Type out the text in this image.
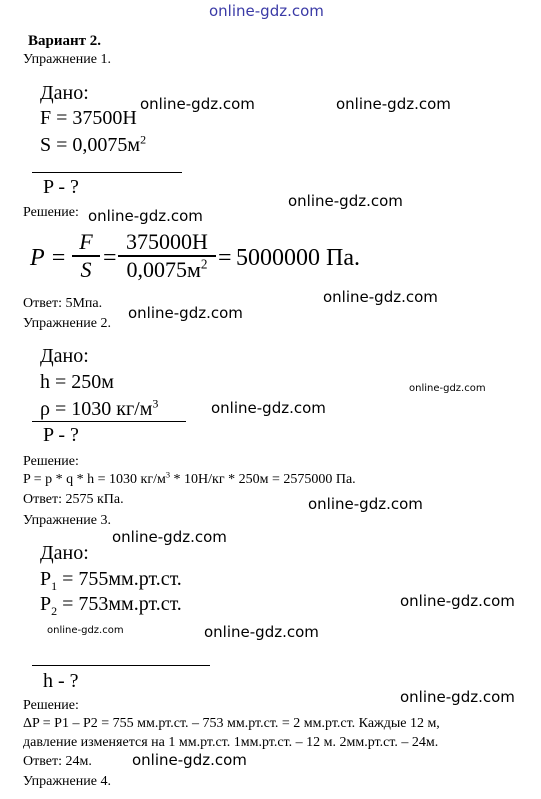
online-gdz.com
Вариант 2.
Упражнение 1.
Дано:
F = 37500H
$S = 0,0075м^2$
P - ?
Решение:
P =
F
S =
375000H
$0,0075м^2 = 5000000$ Па.
Ответ: 5Мпа.
Упражнение 2.
Дано:
h = 250м
ρ = 1030 $кг/м^3$
P - ?
Решение:
P = p * q * h = 1030 $кг/м^3 * 10Н/кг * 250м = 2575000$ Па.
Ответ: 2575 кПа.
Упражнение 3.
Дано:
$P_1 = 755мм.рт.ст$.
$P_2 = 753мм.рт.ст$.
h - ?
Решение:
ΔP = P1 – P2 = 755 мм.рт.ст. – 753 мм.рт.ст. = 2 мм.рт.ст. Каждые 12 м,
давление изменяется на 1 мм.рт.ст. 1мм.рт.ст. – 12 м. 2мм.рт.ст. – 24м.
Ответ: 24м.
Упражнение 4.
online-gdz.com	online-gdz.com
online-gdz.com
online-gdz.com
online-gdz.com
online-gdz.com
online-gdz.com
online-gdz.com
online-gdz.com
online-gdz.com
online-gdz.com
online-gdz.com	online-gdz.com
online-gdz.com
online-gdz.com
